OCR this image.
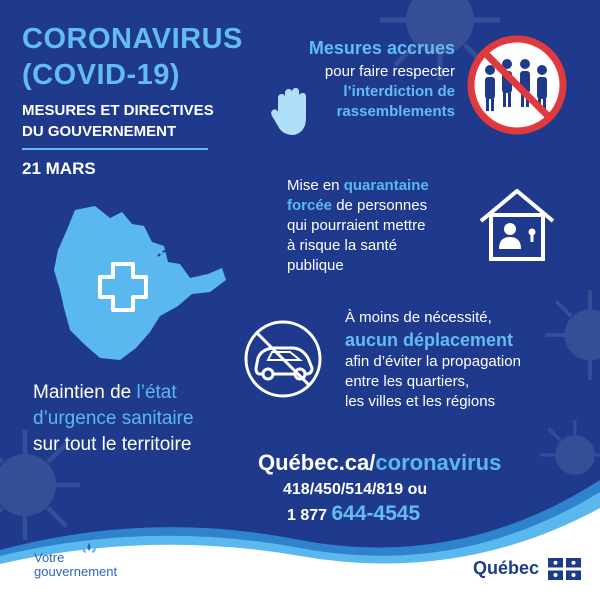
CORONAVIRUS
(COVID-19)
MESURES ET DIRECTIVES
DU GOUVERNEMENT
21 MARS
Mesures accrues
pour faire respecter
l’interdiction de
rassemblements
Mise en quarantaine
forcée de personnes
qui pourraient mettre
à risque la santé
publique
À moins de nécessité,
aucun déplacement
afin d’éviter la propagation
entre les quartiers,
les villes et les régions
Maintien de l’état
d’urgence sanitaire
sur tout le territoire
Québec.ca/coronavirus
418/450/514/819 ou
1 877 644-4545
Votre
gouvernement	Québec
